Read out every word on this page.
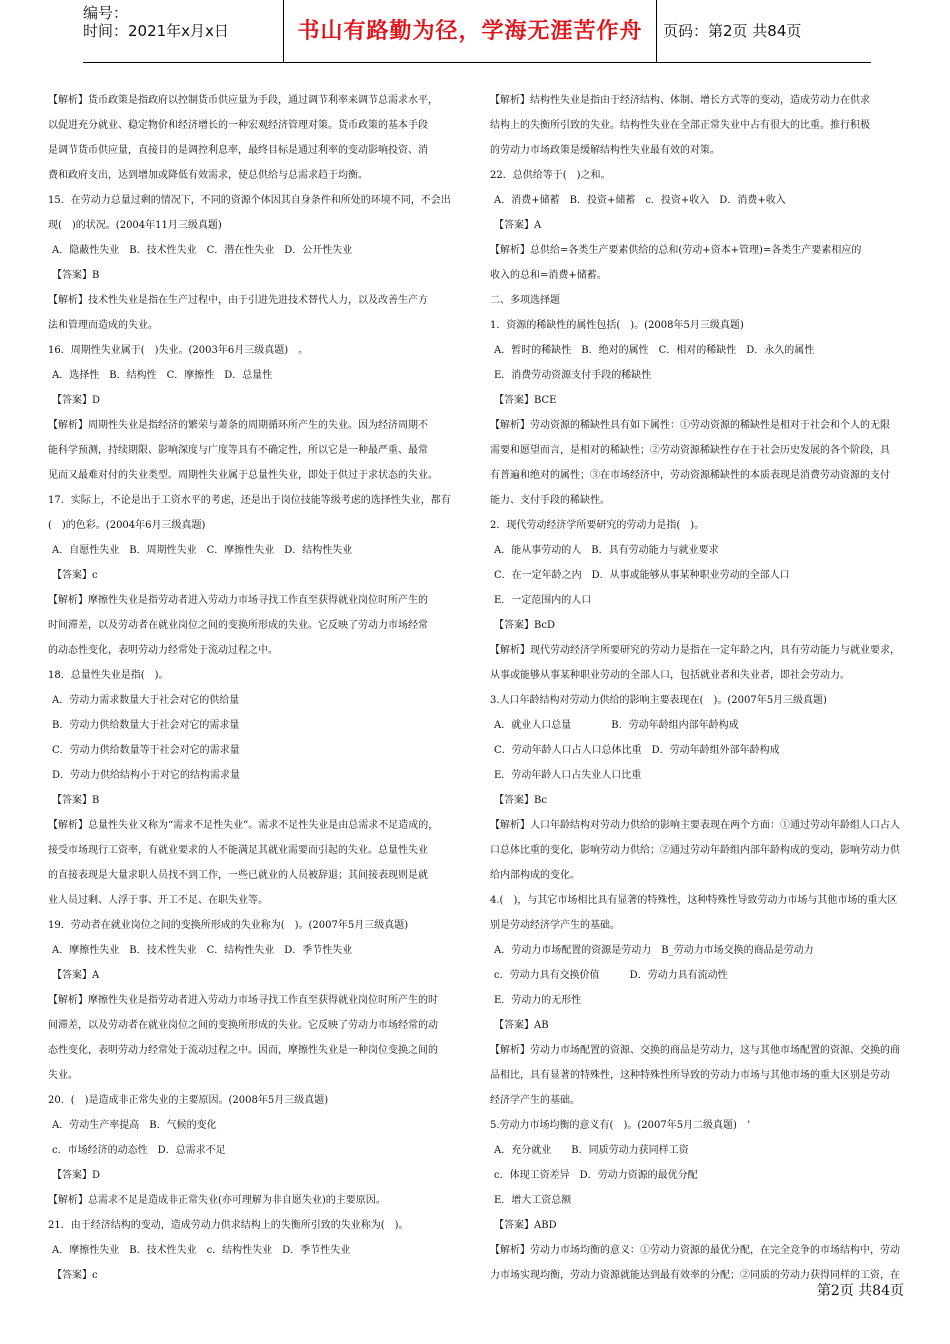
编号：
时间：2021年x月x日	书山有路勤为径，学海无涯苦作舟	页码：第2页 共84页

【解析】货币政策是指政府以控制货币供应量为手段，通过调节利率来调节总需求水平，

以促进充分就业、稳定物价和经济增长的一种宏观经济管理对策。货币政策的基本手段

是调节货币供应量，直接目的是调控利息率，最终目标是通过利率的变动影响投资、消

费和政府支出，达到增加或降低有效需求，使总供给与总需求趋于均衡。

15．在劳动力总量过剩的情况下，不同的资源个体因其自身条件和所处的环境不同，不会出

现(　)的状况。(2004年11月三级真题)

A．隐蔽性失业　B．技术性失业　C．潜在性失业　D．公开性失业

【答案】B

【解析】技术性失业是指在生产过程中，由于引进先进技术替代人力，以及改善生产方

法和管理而造成的失业。

16．周期性失业属于(　)失业。(2003年6月三级真题)　。

A．选择性　B．结构性　C．摩擦性　D．总量性

【答案】D

【解析】周期性失业是指经济的繁荣与萧条的周期循环所产生的失业。因为经济周期不

能科学预测，持续期限、影响深度与广度等具有不确定性，所以它是一种最严重、最常

见而又最难对付的失业类型。周期性失业属于总量性失业，即处于供过于求状态的失业。

17．实际上，不论是出于工资水平的考虑，还是出于岗位技能等级考虑的选择性失业，都有

(　)的色彩。(2004年6月三级真题)

A．自愿性失业　B．周期性失业　C．摩擦性失业　D．结构性失业

【答案】c

【解析】摩擦性失业是指劳动者进入劳动力市场寻找工作直至获得就业岗位时所产生的

时间滞差，以及劳动者在就业岗位之间的变换所形成的失业。它反映了劳动力市场经常

的动态性变化，表明劳动力经常处于流动过程之中。

18．总量性失业是指(　)。

A．劳动力需求数量大于社会对它的供给量

B．劳动力供给数量大于社会对它的需求量

C．劳动力供给数量等于社会对它的需求量

D．劳动力供给结构小于对它的结构需求量

【答案】B

【解析】总量性失业又称为“需求不足性失业”。需求不足性失业是由总需求不足造成的，

接受市场现行工资率，有就业要求的人不能满足其就业需要而引起的失业。总量性失业

的直接表现是大量求职人员找不到工作，一些已就业的人员被辞退；其间接表现则是就

业人员过剩、人浮于事、开工不足、在职失业等。

19．劳动者在就业岗位之间的变换所形成的失业称为(　)。(2007年5月三级真题)

A．摩擦性失业　B．技术性失业　C．结构性失业　D．季节性失业

【答案】A

【解析】摩擦性失业是指劳动者进入劳动力市场寻找工作直至获得就业岗位时所产生的时

间滞差，以及劳动者在就业岗位之间的变换所形成的失业。它反映了劳动力市场经常的动

态性变化，表明劳动力经常处于流动过程之中。因而，摩擦性失业是一种岗位变换之间的

失业。

20．(　)是造成非正常失业的主要原因。(2008年5月三级真题)

A．劳动生产率提高　B．气候的变化

c．市场经济的动态性　D．总需求不足

【答案】D

【解析】总需求不足是造成非正常失业(亦可理解为非自愿失业)的主要原因。

21．由于经济结构的变动，造成劳动力供求结构上的失衡所引致的失业称为(　)。

A．摩擦性失业　B．技术性失业　c．结构性失业　D．季节性失业

【答案】c

【解析】结构性失业是指由于经济结构、体制、增长方式等的变动，造成劳动力在供求

结构上的失衡所引致的失业。结构性失业在全部正常失业中占有很大的比重。推行积极

的劳动力市场政策是缓解结构性失业最有效的对策。

22．总供给等于(　)之和。

A．消费+储蓄　B．投资+储蓄　c．投资+收入　D．消费+收入

【答案】A

【解析】总供给=各类生产要素供给的总和(劳动+资本+管理)=各类生产要素相应的

收入的总和=消费+储蓄。

二、多项选择题

1．资源的稀缺性的属性包括(　)。(2008年5月三级真题)

A．暂时的稀缺性　B．绝对的属性　C．相对的稀缺性　D．永久的属性

E．消费劳动资源支付手段的稀缺性

【答案】BCE

【解析】劳动资源的稀缺性具有如下属性：①劳动资源的稀缺性是相对于社会和个人的无限

需要和愿望而言，是相对的稀缺性；②劳动资源稀缺性存在于社会历史发展的各个阶段，具

有普遍和绝对的属性；③在市场经济中，劳动资源稀缺性的本质表现是消费劳动资源的支付

能力、支付手段的稀缺性。

2．现代劳动经济学所要研究的劳动力是指(　)。

A．能从事劳动的人　B．具有劳动能力与就业要求

C．在一定年龄之内　D．从事或能够从事某种职业劳动的全部人口

E．一定范围内的人口

【答案】BcD

【解析】现代劳动经济学所要研究的劳动力是指在一定年龄之内，具有劳动能力与就业要求，

从事或能够从事某种职业劳动的全部人口，包括就业者和失业者，即社会劳动力。

3.人口年龄结构对劳动力供给的影响主要表现在(　)。(2007年5月三级真题)

A．就业人口总量　　　　B．劳动年龄组内部年龄构成

C．劳动年龄人口占人口总体比重　D．劳动年龄组外部年龄构成

E．劳动年龄人口占失业人口比重

【答案】Bc

【解析】人口年龄结构对劳动力供给的影响主要表现在两个方面：①通过劳动年龄组人口占人

口总体比重的变化，影响劳动力供给；②通过劳动年龄组内部年龄构成的变动，影响劳动力供

给内部构成的变化。

4.(　)，与其它市场相比具有显著的特殊性，这种特殊性导致劳动力市场与其他市场的重大区

别是劳动经济学产生的基础。

A．劳动力市场配置的资源是劳动力　B_劳动力市场交换的商品是劳动力

c．劳动力具有交换价值　　　D．劳动力具有流动性

E．劳动力的无形性

【答案】AB

【解析】劳动力市场配置的资源、交换的商品是劳动力，这与其他市场配置的资源、交换的商

品相比，具有显著的特殊性，这种特殊性所导致的劳动力市场与其他市场的重大区别是劳动

经济学产生的基础。

5.劳动力市场均衡的意义有(　)。(2007年5月二级真题)　’

A．充分就业　　B．同质劳动力获同样工资

c．体现工资差异　D．劳动力资源的最优分配

E．增大工资总额

【答案】ABD

【解析】劳动力市场均衡的意义：①劳动力资源的最优分配，在完全竞争的市场结构中，劳动

力市场实现均衡，劳动力资源就能达到最有效率的分配；②同质的劳动力获得同样的工资，在

第2页 共84页
